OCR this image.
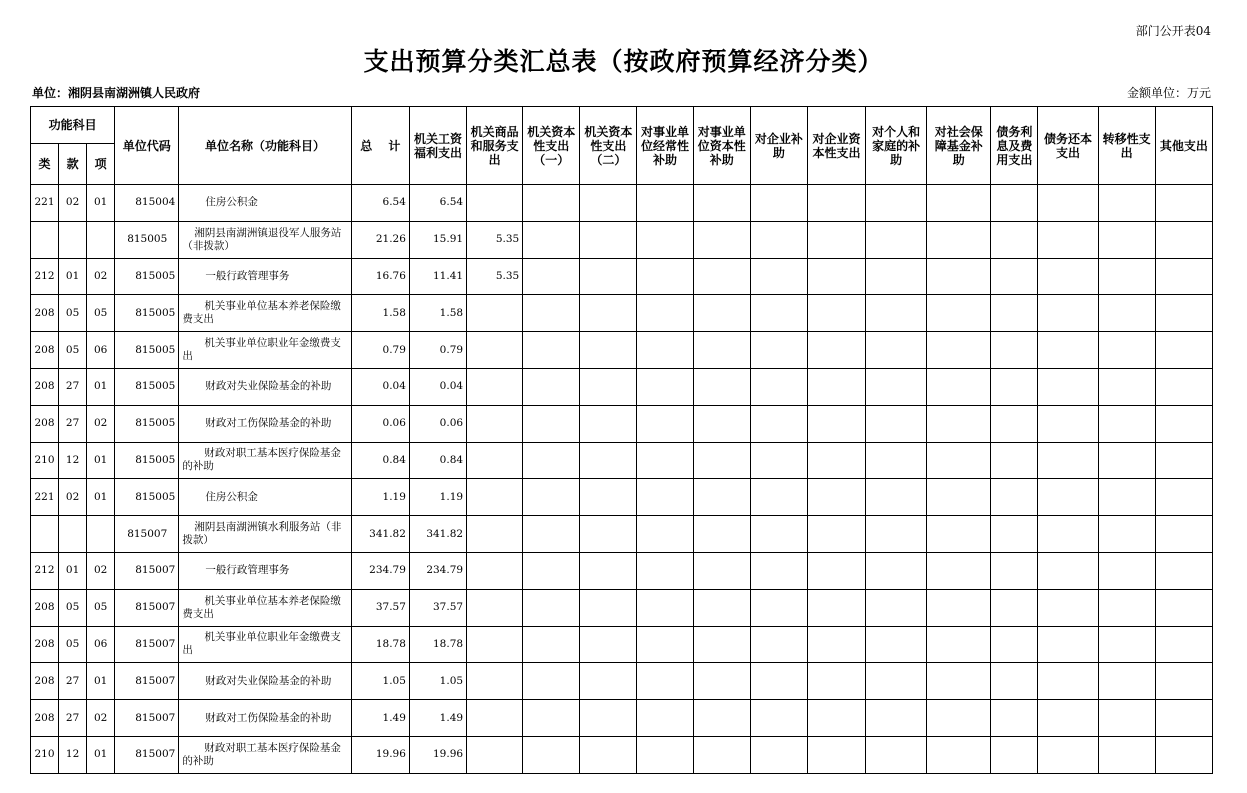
部门公开表04
支出预算分类汇总表（按政府预算经济分类）
单位：湘阴县南湖洲镇人民政府	金额单位：万元
功能科目			单位代码	单位名称（功能科目）	总　 计	机关工资福利支出	机关商品和服务支出	机关资本性支出（一）	机关资本性支出（二）	对事业单位经常性补助	对事业单位资本性补助	对企业补助	对企业资本性支出	对个人和家庭的补助	对社会保障基金补助	债务利息及费用支出	债务还本支出	转移性支出	其他支出
类	款	项																	
221	02	01	815004	住房公积金	6.54	6.54													
			815005	湘阴县南湖洲镇退役军人服务站（非拨款）	21.26	15.91	5.35												
212	01	02	815005	一般行政管理事务	16.76	11.41	5.35												
208	05	05	815005	机关事业单位基本养老保险缴费支出	1.58	1.58													
208	05	06	815005	机关事业单位职业年金缴费支出	0.79	0.79													
208	27	01	815005	财政对失业保险基金的补助	0.04	0.04													
208	27	02	815005	财政对工伤保险基金的补助	0.06	0.06													
210	12	01	815005	财政对职工基本医疗保险基金的补助	0.84	0.84													
221	02	01	815005	住房公积金	1.19	1.19													
			815007	湘阴县南湖洲镇水利服务站（非拨款）	341.82	341.82													
212	01	02	815007	一般行政管理事务	234.79	234.79													
208	05	05	815007	机关事业单位基本养老保险缴费支出	37.57	37.57													
208	05	06	815007	机关事业单位职业年金缴费支出	18.78	18.78													
208	27	01	815007	财政对失业保险基金的补助	1.05	1.05													
208	27	02	815007	财政对工伤保险基金的补助	1.49	1.49													
210	12	01	815007	财政对职工基本医疗保险基金的补助	19.96	19.96													
